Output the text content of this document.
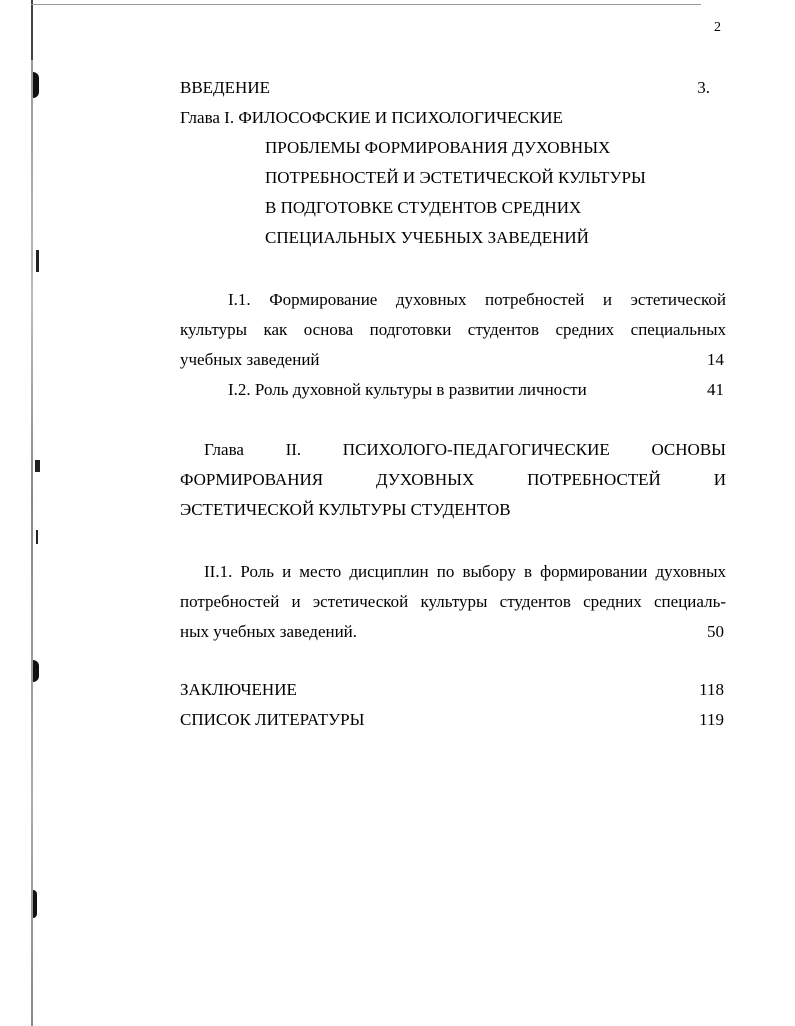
2
ВВЕДЕНИЕ	3.
Глава I. ФИЛОСОФСКИЕ И ПСИХОЛОГИЧЕСКИЕ
ПРОБЛЕМЫ ФОРМИРОВАНИЯ ДУХОВНЫХ
ПОТРЕБНОСТЕЙ И ЭСТЕТИЧЕСКОЙ КУЛЬТУРЫ
В ПОДГОТОВКЕ СТУДЕНТОВ СРЕДНИХ
СПЕЦИАЛЬНЫХ УЧЕБНЫХ ЗАВЕДЕНИЙ
I.1. Формирование духовных потребностей и эстетической
культуры как основа подготовки студентов средних специальных
учебных заведений	14
I.2. Роль духовной культуры в развитии личности	41
Глава II. ПСИХОЛОГО-ПЕДАГОГИЧЕСКИЕ ОСНОВЫ
ФОРМИРОВАНИЯ ДУХОВНЫХ ПОТРЕБНОСТЕЙ И
ЭСТЕТИЧЕСКОЙ КУЛЬТУРЫ СТУДЕНТОВ
II.1. Роль и место дисциплин по выбору в формировании духовных
потребностей и эстетической культуры студентов средних специаль-
ных учебных заведений.	50
ЗАКЛЮЧЕНИЕ	118
СПИСОК ЛИТЕРАТУРЫ	119
